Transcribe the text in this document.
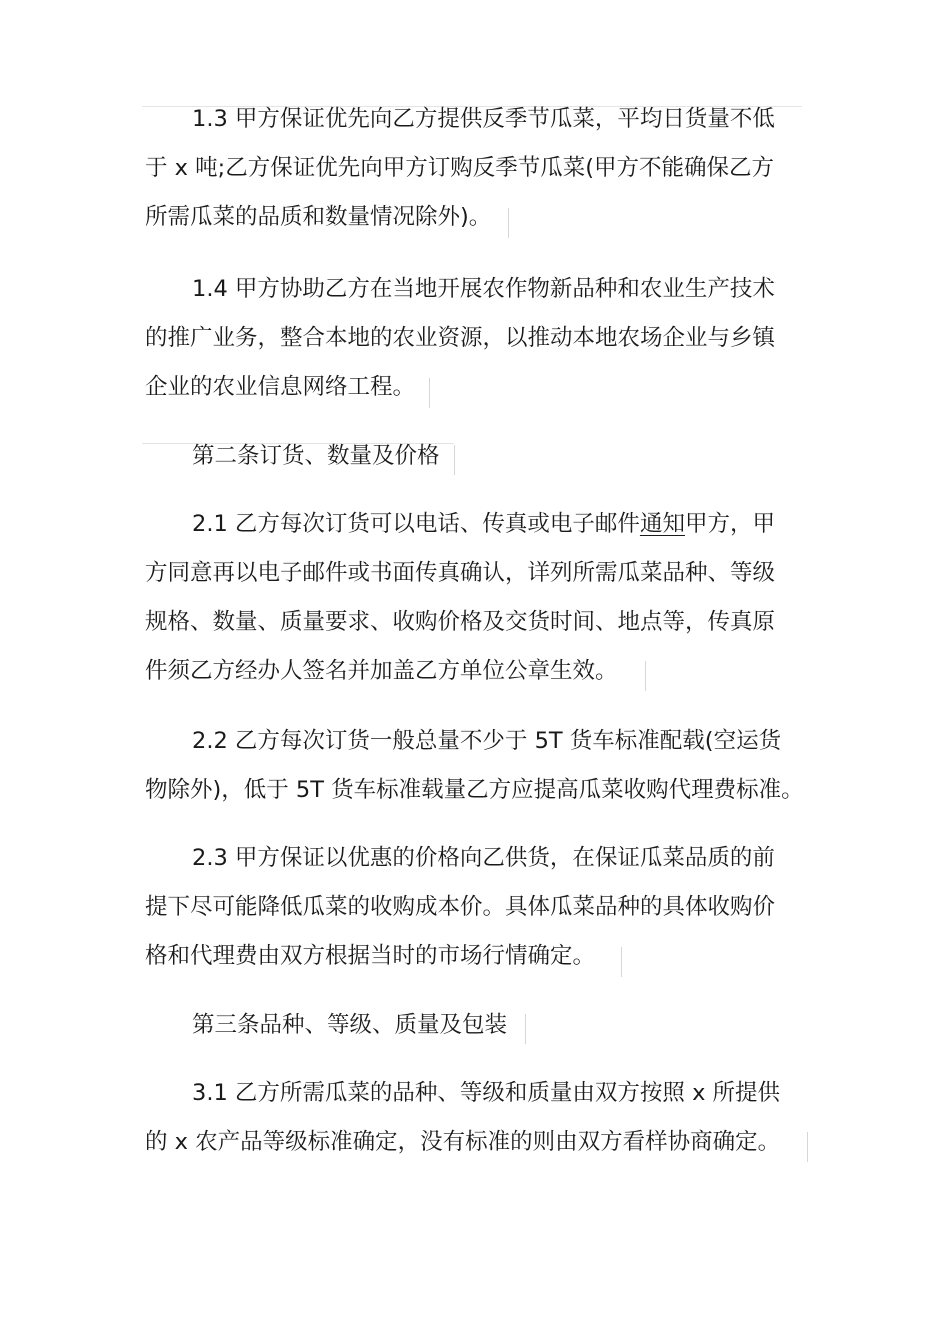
1.3 甲方保证优先向乙方提供反季节瓜菜，平均日货量不低
于 x 吨;乙方保证优先向甲方订购反季节瓜菜(甲方不能确保乙方
所需瓜菜的品质和数量情况除外)。
1.4 甲方协助乙方在当地开展农作物新品种和农业生产技术
的推广业务，整合本地的农业资源，以推动本地农场企业与乡镇
企业的农业信息网络工程。
第二条订货、数量及价格
2.1 乙方每次订货可以电话、传真或电子邮件通知甲方，甲
方同意再以电子邮件或书面传真确认，详列所需瓜菜品种、等级
规格、数量、质量要求、收购价格及交货时间、地点等，传真原
件须乙方经办人签名并加盖乙方单位公章生效。
2.2 乙方每次订货一般总量不少于 5T 货车标准配载(空运货
物除外)，低于 5T 货车标准载量乙方应提高瓜菜收购代理费标准。
2.3 甲方保证以优惠的价格向乙供货，在保证瓜菜品质的前
提下尽可能降低瓜菜的收购成本价。具体瓜菜品种的具体收购价
格和代理费由双方根据当时的市场行情确定。
第三条品种、等级、质量及包装
3.1 乙方所需瓜菜的品种、等级和质量由双方按照 x 所提供
的 x 农产品等级标准确定，没有标准的则由双方看样协商确定。
